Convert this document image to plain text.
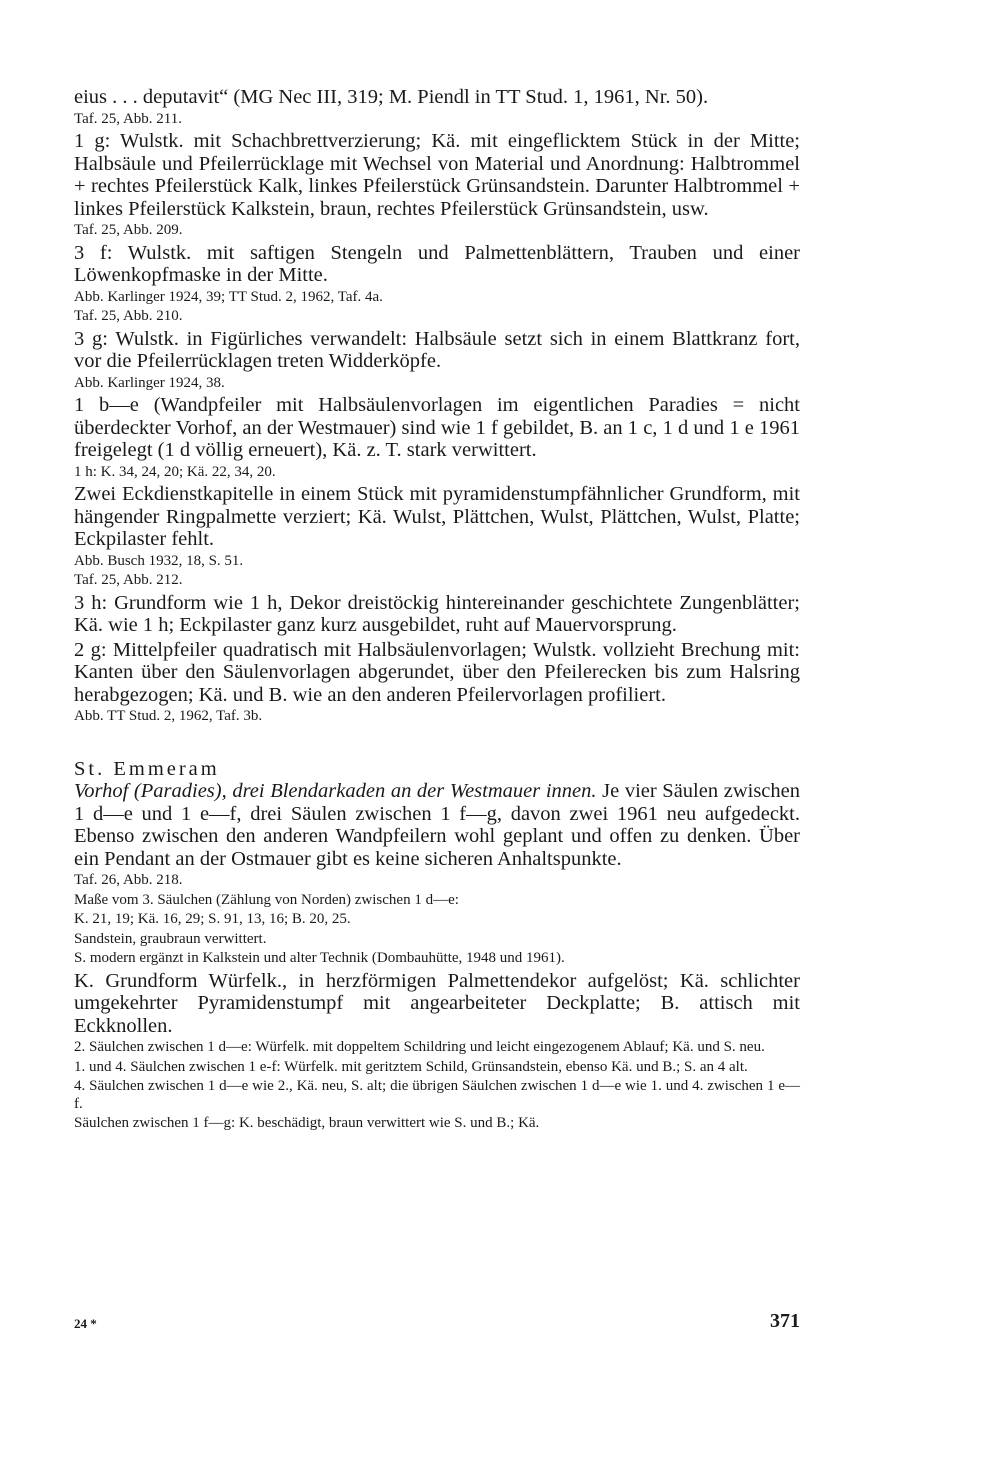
eius . . . deputavit“ (MG Nec III, 319; M. Piendl in TT Stud. 1, 1961, Nr. 50).

Taf. 25, Abb. 211.

1 g: Wulstk. mit Schachbrettverzierung; Kä. mit eingeflicktem Stück in der Mitte; Halbsäule und Pfeilerrücklage mit Wechsel von Material und Anordnung: Halbtrommel + rechtes Pfeilerstück Kalk, linkes Pfeilerstück Grünsandstein. Darunter Halbtrommel + linkes Pfeilerstück Kalkstein, braun, rechtes Pfeilerstück Grünsandstein, usw.

Taf. 25, Abb. 209.

3 f: Wulstk. mit saftigen Stengeln und Palmettenblättern, Trauben und einer Löwenkopfmaske in der Mitte.

Abb. Karlinger 1924, 39; TT Stud. 2, 1962, Taf. 4a.

Taf. 25, Abb. 210.

3 g: Wulstk. in Figürliches verwandelt: Halbsäule setzt sich in einem Blattkranz fort, vor die Pfeilerrücklagen treten Widderköpfe.

Abb. Karlinger 1924, 38.

1 b—e (Wandpfeiler mit Halbsäulenvorlagen im eigentlichen Paradies = nicht überdeckter Vorhof, an der Westmauer) sind wie 1 f gebildet, B. an 1 c, 1 d und 1 e 1961 freigelegt (1 d völlig erneuert), Kä. z. T. stark verwittert.

1 h: K. 34, 24, 20; Kä. 22, 34, 20.

Zwei Eckdienstkapitelle in einem Stück mit pyramidenstumpfähnlicher Grundform, mit hängender Ringpalmette verziert; Kä. Wulst, Plättchen, Wulst, Plättchen, Wulst, Platte; Eckpilaster fehlt.

Abb. Busch 1932, 18, S. 51.

Taf. 25, Abb. 212.

3 h: Grundform wie 1 h, Dekor dreistöckig hintereinander geschichtete Zungenblätter; Kä. wie 1 h; Eckpilaster ganz kurz ausgebildet, ruht auf Mauervorsprung.

2 g: Mittelpfeiler quadratisch mit Halbsäulenvorlagen; Wulstk. vollzieht Brechung mit: Kanten über den Säulenvorlagen abgerundet, über den Pfeilerecken bis zum Halsring herabgezogen; Kä. und B. wie an den anderen Pfeilervorlagen profiliert.

Abb. TT Stud. 2, 1962, Taf. 3b.

St. Emmeram

Vorhof (Paradies), drei Blendarkaden an der Westmauer innen. Je vier Säulen zwischen 1 d—e und 1 e—f, drei Säulen zwischen 1 f—g, davon zwei 1961 neu aufgedeckt. Ebenso zwischen den anderen Wandpfeilern wohl geplant und offen zu denken. Über ein Pendant an der Ostmauer gibt es keine sicheren Anhaltspunkte.

Taf. 26, Abb. 218.

Maße vom 3. Säulchen (Zählung von Norden) zwischen 1 d—e:

K. 21, 19; Kä. 16, 29; S. 91, 13, 16; B. 20, 25.

Sandstein, graubraun verwittert.

S. modern ergänzt in Kalkstein und alter Technik (Dombauhütte, 1948 und 1961).

K. Grundform Würfelk., in herzförmigen Palmettendekor aufgelöst; Kä. schlichter umgekehrter Pyramidenstumpf mit angearbeiteter Deckplatte; B. attisch mit Eckknollen.

2. Säulchen zwischen 1 d—e: Würfelk. mit doppeltem Schildring und leicht eingezogenem Ablauf; Kä. und S. neu.

1. und 4. Säulchen zwischen 1 e-f: Würfelk. mit geritztem Schild, Grünsandstein, ebenso Kä. und B.; S. an 4 alt.

4. Säulchen zwischen 1 d—e wie 2., Kä. neu, S. alt; die übrigen Säulchen zwischen 1 d—e wie 1. und 4. zwischen 1 e—f.

Säulchen zwischen 1 f—g: K. beschädigt, braun verwittert wie S. und B.; Kä.

24 *	371
